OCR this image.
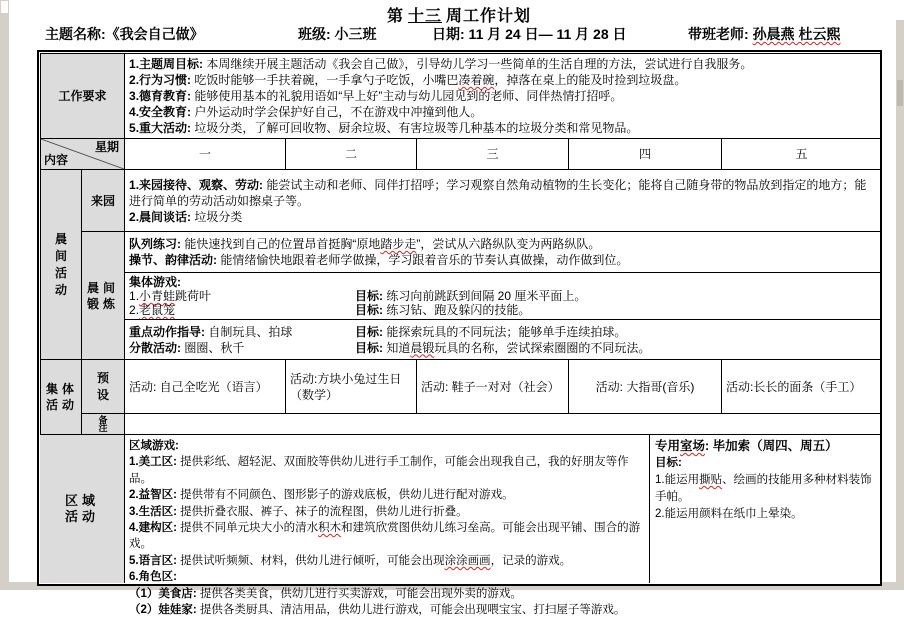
第 十三 周工作计划
主题名称:《我会自己做》	班级: 小三班	日期: 11 月 24 日— 11 月 28 日	带班老师: 孙晨燕 杜云熙
工作要求		1.主题周目标: 本周继续开展主题活动《我会自己做》，引导幼儿学习一些简单的生活自理的方法，尝试进行自我服务。
2.行为习惯: 吃饭时能够一手扶着碗，一手拿勺子吃饭，小嘴巴凑着碗，掉落在桌上的能及时捡到垃圾盘。
3.德育教育: 能够使用基本的礼貌用语如“早上好”主动与幼儿园见到的老师、同伴热情打招呼。
4.安全教育: 户外运动时学会保护好自己，不在游戏中冲撞到他人。
5.重大活动: 垃圾分类，了解可回收物、厨余垃圾、有害垃圾等几种基本的垃圾分类和常见物品。				

星期
内容		一	二	三	四	五

晨间活动	来园	1.来园接待、观察、劳动: 能尝试主动和老师、同伴打招呼；学习观察自然角动植物的生长变化；能将自己随身带的物品放到指定的地方；能进行简单的劳动活动如擦桌子等。
2.晨间谈话: 垃圾分类				

	晨间锻炼	队列练习: 能快速找到自己的位置昂首挺胸“原地踏步走”，尝试从六路纵队变为两路纵队。
操节、韵律活动: 能情绪愉快地跟着老师学做操，学习跟着音乐的节奏认真做操，动作做到位。				

		集体游戏:
1.小青蛙跳荷叶 目标: 练习向前跳跃到间隔 20 厘米平面上。
2.老鼠笼 目标: 练习钻、跑及躲闪的技能。				

		重点动作指导: 自制玩具、拍球 目标: 能探索玩具的不同玩法；能够单手连续拍球。
分散活动: 圈圈、秋千 目标: 知道晨锻玩具的名称，尝试探索圈圈的不同玩法。				

集体活动	预设	活动: 自己全吃光（语言）	活动:方块小兔过生日（数学）	活动: 鞋子一对对（社会）	活动: 大指哥(音乐)	活动:长长的面条（手工）

	备注					

区域活动
区域游戏:
1.美工区: 提供彩纸、超轻泥、双面胶等供幼儿进行手工制作，可能会出现我自己，我的好朋友等作品。
2.益智区: 提供带有不同颜色、图形影子的游戏底板，供幼儿进行配对游戏。
3.生活区: 提供折叠衣服、裤子、袜子的流程图，供幼儿进行折叠。
4.建构区: 提供不同单元块大小的清水积木和建筑欣赏图供幼儿练习垒高。可能会出现平铺、围合的游戏。
5.语言区: 提供试听频频、材料，供幼儿进行倾听，可能会出现涂涂画画，记录的游戏。
6.角色区:
（1）美食店: 提供各类美食，供幼儿进行买卖游戏，可能会出现外卖的游戏。
（2）娃娃家: 提供各类厨具、清洁用品，供幼儿进行游戏，可能会出现喂宝宝、打扫屋子等游戏。
专用室场: 毕加索（周四、周五）
目标:
1.能运用撕贴、绘画的技能用多种材料装饰手帕。
2.能运用颜料在纸巾上晕染。
